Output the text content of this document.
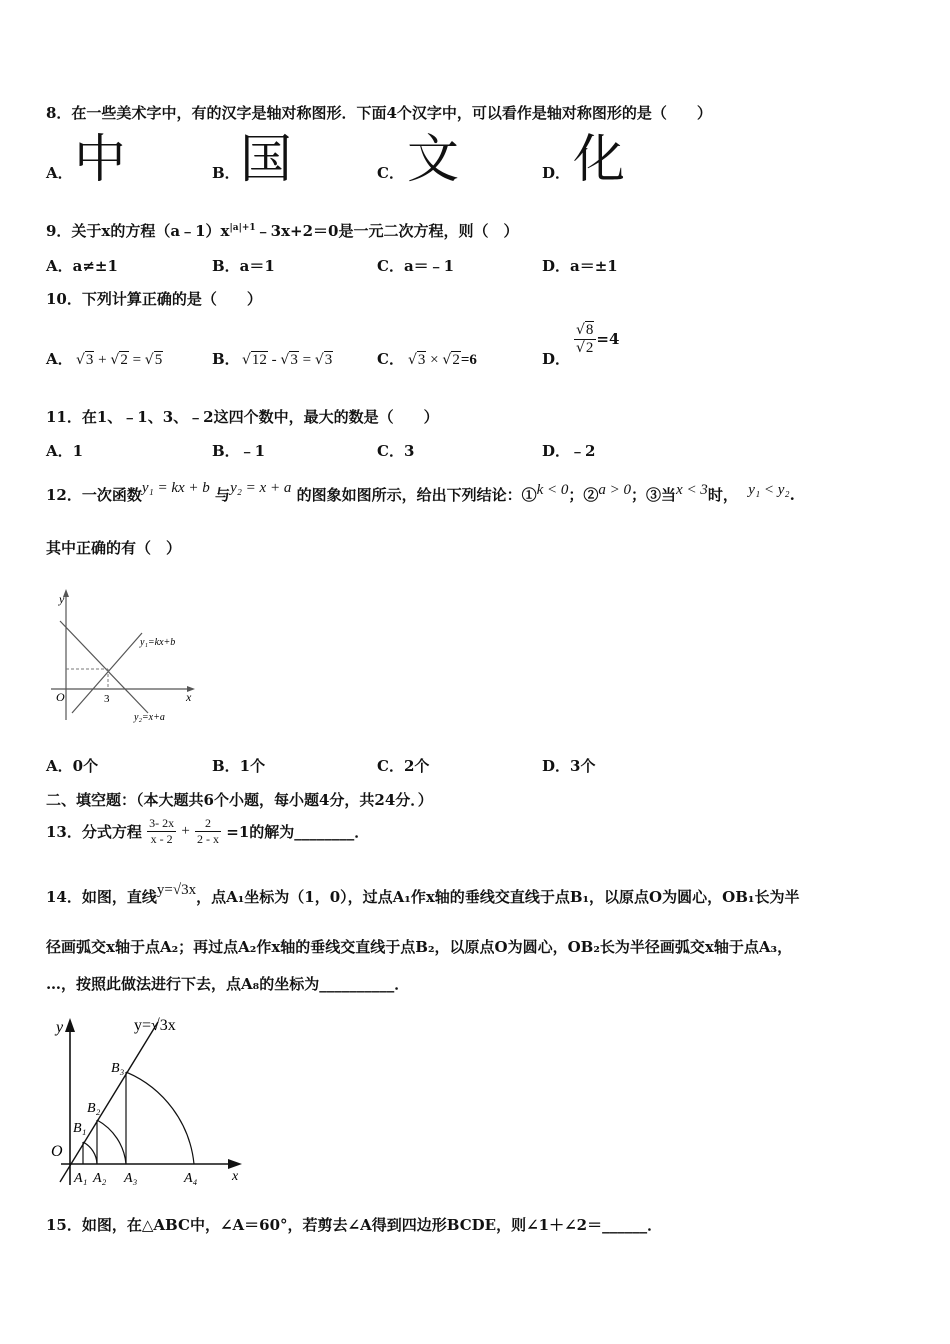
8．在一些美术字中，有的汉字是轴对称图形．下面4个汉字中，可以看作是轴对称图形的是（　　）
A． 中	B． 国	C． 文	D． 化
9．关于x的方程$(a﹣1)x^{|a|+1}﹣3x+2=0$是一元二次方程，则（　）
A．a≠±1	B．a＝1	C．a＝﹣1	D．a＝±1
10．下列计算正确的是（　　）
A． √3 + √2 = √5	B． √12 - √3 = √3	C． √3 × √2=6	D．
$\frac{√8}{√2} =4$
11．在1、﹣1、3、﹣2这四个数中，最大的数是（　　）
A．1	B．﹣1	C．3	D．﹣2
12．一次函数y₁ = kx + b 与y₂ = x + a 的图象如图所示，给出下列结论：①k < 0；②a > 0；③当x < 3时， y₁ < y₂.
其中正确的有（　）
y
x
O	3
y₁=kx+b
y₂=x+a
A．0个	B．1个	C．2个	D．3个
二、填空题：（本大题共6个小题，每小题4分，共24分．）
13．分式方程 $\frac{3- 2x}{x - 2} + \frac{2}{2 - x} =1$的解为________．
14．如图，直线y=√3x，点A₁坐标为（1，0），过点A₁作x轴的垂线交直线于点B₁，以原点O为圆心，OB₁长为半
径画弧交x轴于点A₂；再过点A₂作x轴的垂线交直线于点B₂，以原点O为圆心，OB₂长为半径画弧交x轴于点A₃，
…，按照此做法进行下去，点A₈的坐标为__________．
y
O
x
y=√3x
A₁ A₂ A₃	A₄
B₁
B₂
B₃
15．如图，在△ABC中，∠A＝60°，若剪去∠A得到四边形BCDE，则∠1＋∠2＝______．
